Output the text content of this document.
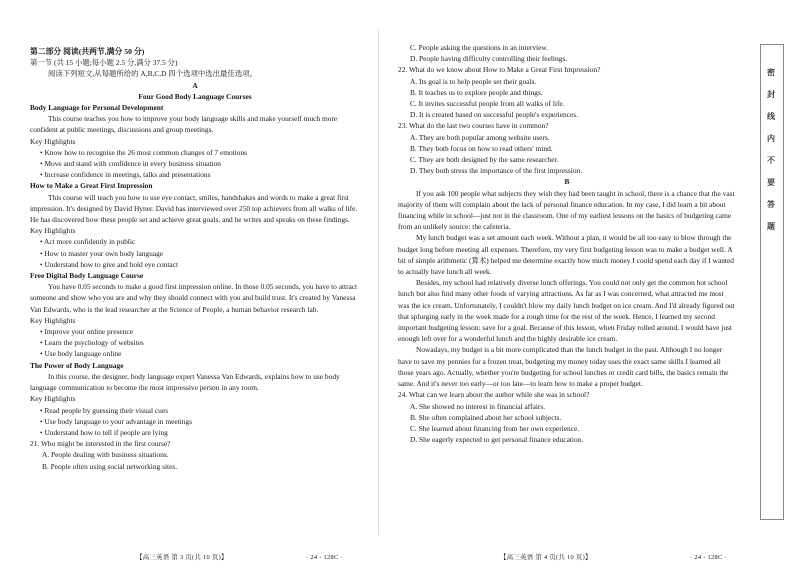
第二部分 阅读(共两节,满分 50 分)

第一节 (共 15 小题;每小题 2.5 分,满分 37.5 分)

阅读下列短文,从每题所给的 A,B,C,D 四个选项中选出最佳选项。

A

Four Good Body Language Courses

Body Language for Personal Development

This course teaches you how to improve your body language skills and make yourself much more confident at public meetings, discussions and group meetings.

Key Highlights

• Know how to recognise the 26 most common changes of 7 emotions

• Move and stand with confidence in every business situation

• Increase confidence in meetings, talks and presentations

How to Make a Great First Impression

This course will teach you how to use eye contact, smiles, handshakes and words to make a great first impression. It's designed by David Hyner. David has interviewed over 250 top achievers from all walks of life. He has discovered how these people set and achieve great goals, and he writes and speaks on these findings.

Key Highlights

• Act more confidently in public

• How to master your own body language

• Understand how to give and hold eye contact

Free Digital Body Language Course

You have 0.05 seconds to make a good first impression online. In those 0.05 seconds, you have to attract someone and show who you are and why they should connect with you and build trust. It's created by Vanessa Van Edwards, who is the lead researcher at the Science of People, a human behavior research lab.

Key Highlights

• Improve your online presence

• Learn the psychology of websites

• Use body language online

The Power of Body Language

In this course, the designer, body language expert Vanessa Van Edwards, explains how to use body language communication to become the most impressive person in any room.

Key Highlights

• Read people by guessing their visual cues

• Use body language to your advantage in meetings

• Understand how to tell if people are lying

21. Who might be interested in the first course?

A. People dealing with business situations.

B. People often using social networking sites.

C. People asking the questions in an interview.

D. People having difficulty controlling their feelings.

22. What do we know about How to Make a Great First Impression?

A. Its goal is to help people set their goals.

B. It teaches us to explore people and things.

C. It invites successful people from all walks of life.

D. It is created based on successful people's experiences.

23. What do the last two courses have in common?

A. They are both popular among website users.

B. They both focus on how to read others' mind.

C. They are both designed by the same researcher.

D. They both stress the importance of the first impression.

B

If you ask 100 people what subjects they wish they had been taught in school, there is a chance that the vast majority of them will complain about the lack of personal finance education. In my case, I did learn a bit about financing while in school—just not in the classroom. One of my earliest lessons on the basics of budgeting came from an unlikely source: the cafeteria.

My lunch budget was a set amount each week. Without a plan, it would be all too easy to blow through the budget long before meeting all expenses. Therefore, my very first budgeting lesson was to make a budget well. A bit of simple arithmetic (算术) helped me determine exactly how much money I could spend each day if I wanted to actually have lunch all week.

Besides, my school had relatively diverse lunch offerings. You could not only get the common hot school lunch but also find many other foods of varying attractions. As far as I was concerned, what attracted me most was the ice cream. Unfortunately, I couldn't blow my daily lunch budget on ice cream. And I'd already figured out that splurging early in the week made for a rough time for the rest of the week. Hence, I learned my second important budgeting lesson: save for a goal. Because of this lesson, when Friday rolled around, I would have just enough left over for a wonderful lunch and the highly desirable ice cream.

Nowadays, my budget is a bit more complicated than the lunch budget in the past. Although I no longer have to save my pennies for a frozen treat, budgeting my money today uses the exact same skills I learned all those years ago. Actually, whether you're budgeting for school lunches or credit card bills, the basics remain the same. And it's never too early—or too late—to learn how to make a proper budget.

24. What can we learn about the author while she was in school?

A. She showed no interest in financial affairs.

B. She often complained about her school subjects.

C. She learned about financing from her own experience.

D. She eagerly expected to get personal finance education.

【高三英语 第 3 页(共 10 页)】	· 24 - 128C ·	【高三英语 第 4 页(共 10 页)】	· 24 - 128C ·
密 封 线 内 不 要 答 题
